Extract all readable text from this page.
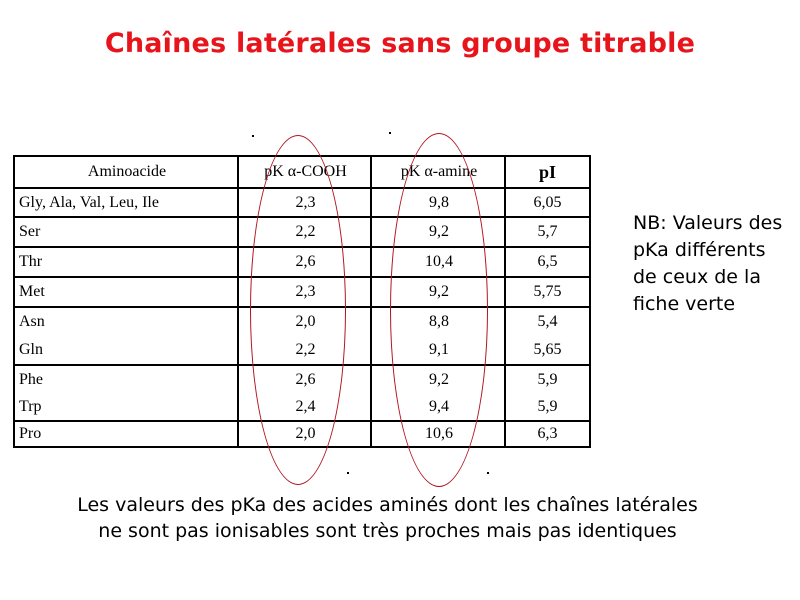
Chaînes latérales sans groupe titrable
Aminoacide	pK α-COOH	pK α-amine	pI
Gly, Ala, Val, Leu, Ile	2,3	9,8	6,05
Ser	2,2	9,2	5,7
Thr	2,6	10,4	6,5
Met	2,3	9,2	5,75
Asn	2,0	8,8	5,4
Gln	2,2	9,1	5,65
Phe	2,6	9,2	5,9
Trp	2,4	9,4	5,9
Pro	2,0	10,6	6,3
NB: Valeurs des pKa différents de ceux de la fiche verte
Les valeurs des pKa des acides aminés dont les chaînes latérales
ne sont pas ionisables sont très proches mais pas identiques
